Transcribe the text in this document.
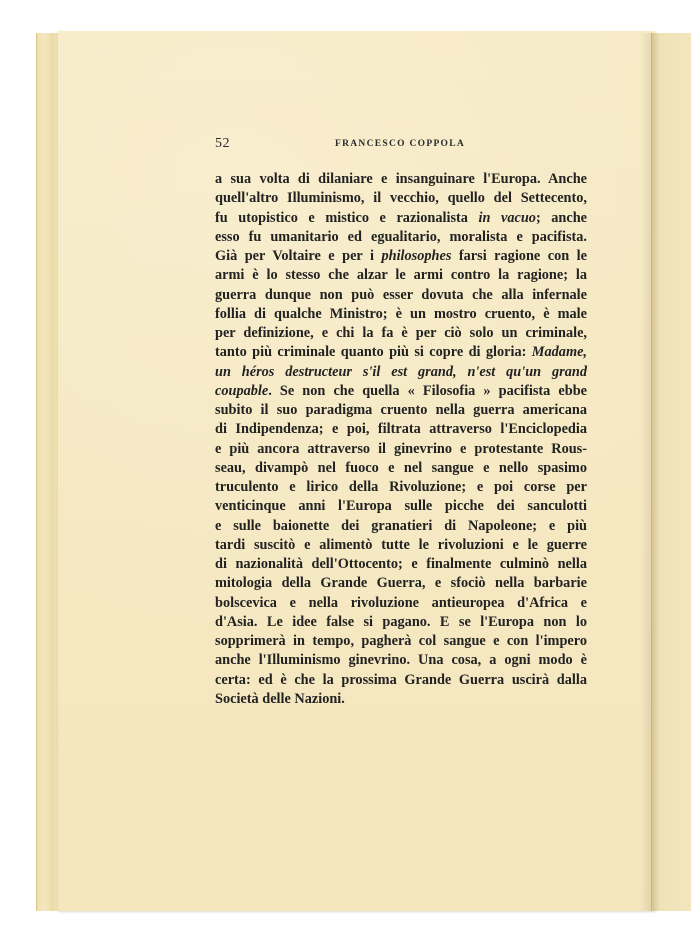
52	FRANCESCO COPPOLA
a sua volta di dilaniare e insanguinare l'Europa. Anche
quell'altro Illuminismo, il vecchio, quello del Settecento,
fu utopistico e mistico e razionalista in vacuo; anche
esso fu umanitario ed egualitario, moralista e pacifista.
Già per Voltaire e per i philosophes farsi ragione con le
armi è lo stesso che alzar le armi contro la ragione; la
guerra dunque non può esser dovuta che alla infernale
follia di qualche Ministro; è un mostro cruento, è male
per definizione, e chi la fa è per ciò solo un criminale,
tanto più criminale quanto più si copre di gloria: Madame,
un héros destructeur s'il est grand, n'est qu'un grand
coupable. Se non che quella « Filosofia » pacifista ebbe
subito il suo paradigma cruento nella guerra americana
di Indipendenza; e poi, filtrata attraverso l'Enciclopedia
e più ancora attraverso il ginevrino e protestante Rous-
seau, divampò nel fuoco e nel sangue e nello spasimo
truculento e lirico della Rivoluzione; e poi corse per
venticinque anni l'Europa sulle picche dei sanculotti
e sulle baionette dei granatieri di Napoleone; e più
tardi suscitò e alimentò tutte le rivoluzioni e le guerre
di nazionalità dell'Ottocento; e finalmente culminò nella
mitologia della Grande Guerra, e sfociò nella barbarie
bolscevica e nella rivoluzione antieuropea d'Africa e
d'Asia. Le idee false si pagano. E se l'Europa non lo
sopprimerà in tempo, pagherà col sangue e con l'impero
anche l'Illuminismo ginevrino. Una cosa, a ogni modo è
certa: ed è che la prossima Grande Guerra uscirà dalla
Società delle Nazioni.
